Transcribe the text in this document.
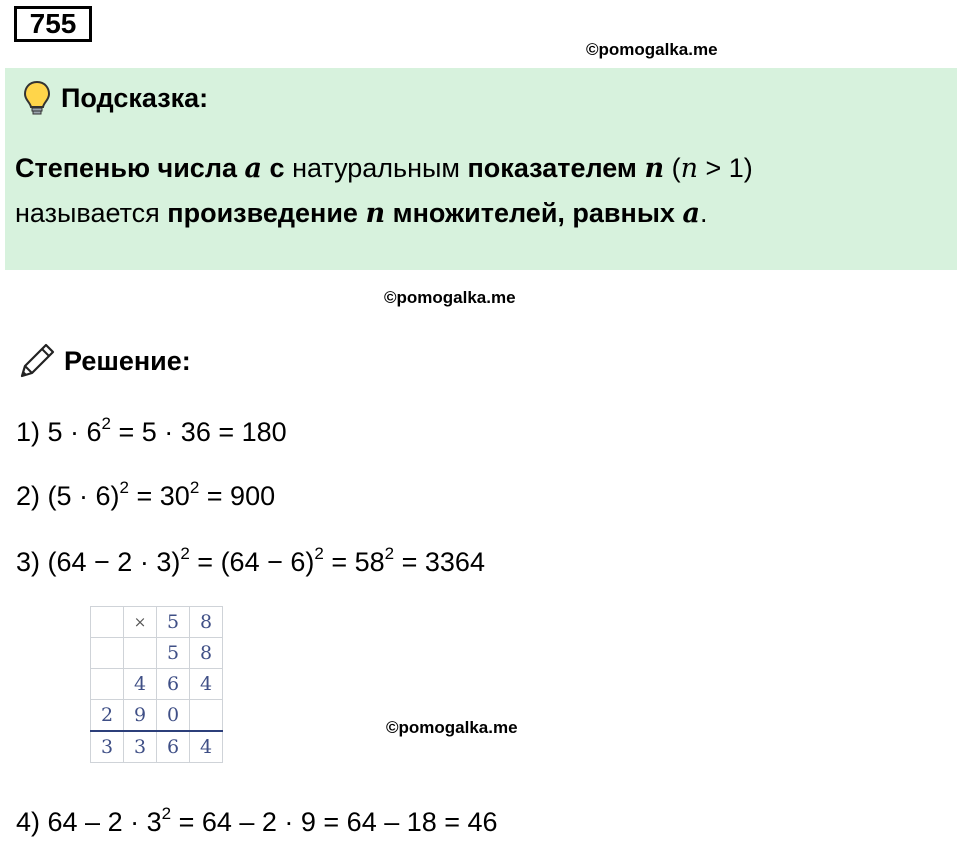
755
©pomogalka.me
Подсказка:
Степенью числа a с натуральным показателем n (n > 1)
называется произведение n множителей, равных a.
©pomogalka.me
Решение:
1) $5 \cdot 6^2 = 5 \cdot 36 = 180$
2) $(5 \cdot 6)^2 = 30^2 = 900$
3) $(64 - 2 \cdot 3)^2 = (64 - 6)^2 = 58^2 = 3364$
	×	5	8
		5	8
	4	6	4
2	9	0	
3	3	6	4
©pomogalka.me
4) $64 - 2 \cdot 3^2 = 64 - 2 \cdot 9 = 64 - 18 = 46$
